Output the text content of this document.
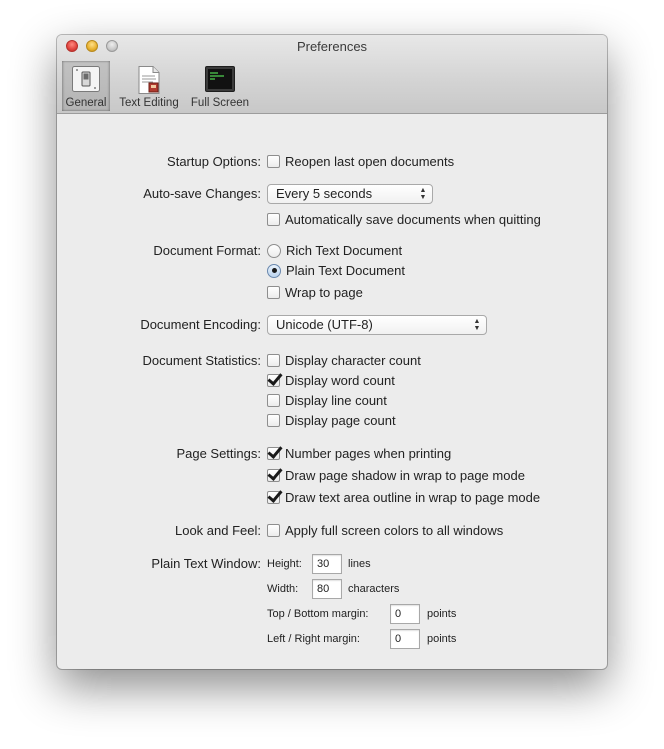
Preferences
General	Text Editing Full Screen
Startup Options: Reopen last open documents
Auto-save Changes:	Every 5 seconds	▲
▼
Automatically save documents when quitting
Document Format: Rich Text Document
Plain Text Document
Wrap to page
Document Encoding:	Unicode (UTF-8)	▲
▼
Document Statistics: Display character count
Display word count
Display line count
Display page count
Page Settings: Number pages when printing
Draw page shadow in wrap to page mode
Draw text area outline in wrap to page mode
Look and Feel: Apply full screen colors to all windows
Plain Text Window: Height:	30	lines
Width:	80	characters
Top / Bottom margin:	0	points
Left / Right margin:	0	points
